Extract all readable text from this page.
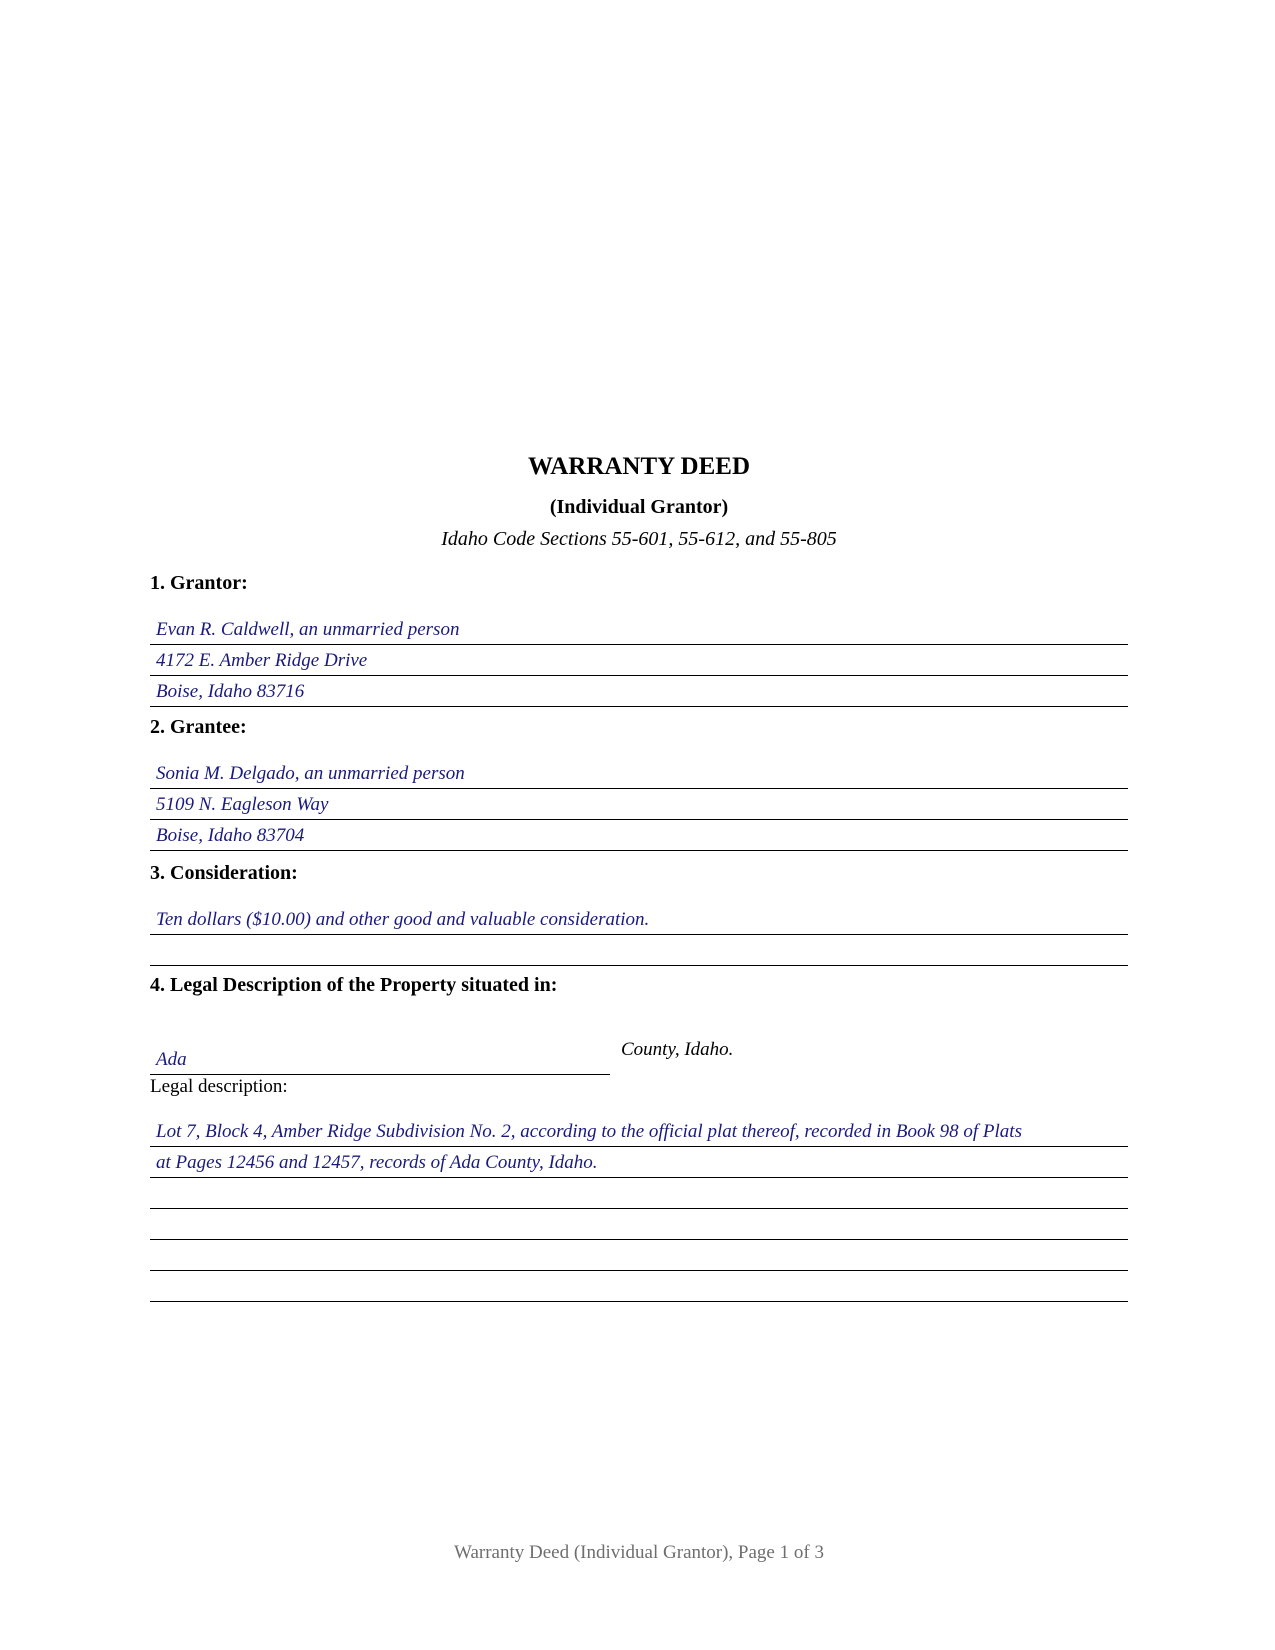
WARRANTY DEED
(Individual Grantor)
Idaho Code Sections 55-601, 55-612, and 55-805
1. Grantor:
Evan R. Caldwell, an unmarried person
4172 E. Amber Ridge Drive
Boise, Idaho 83716
2. Grantee:
Sonia M. Delgado, an unmarried person
5109 N. Eagleson Way
Boise, Idaho 83704
3. Consideration:
Ten dollars ($10.00) and other good and valuable consideration.
4. Legal Description of the Property situated in:
Ada	County, Idaho.
Legal description:
Lot 7, Block 4, Amber Ridge Subdivision No. 2, according to the official plat thereof, recorded in Book 98 of Plats
at Pages 12456 and 12457, records of Ada County, Idaho.
Warranty Deed (Individual Grantor), Page 1 of 3
